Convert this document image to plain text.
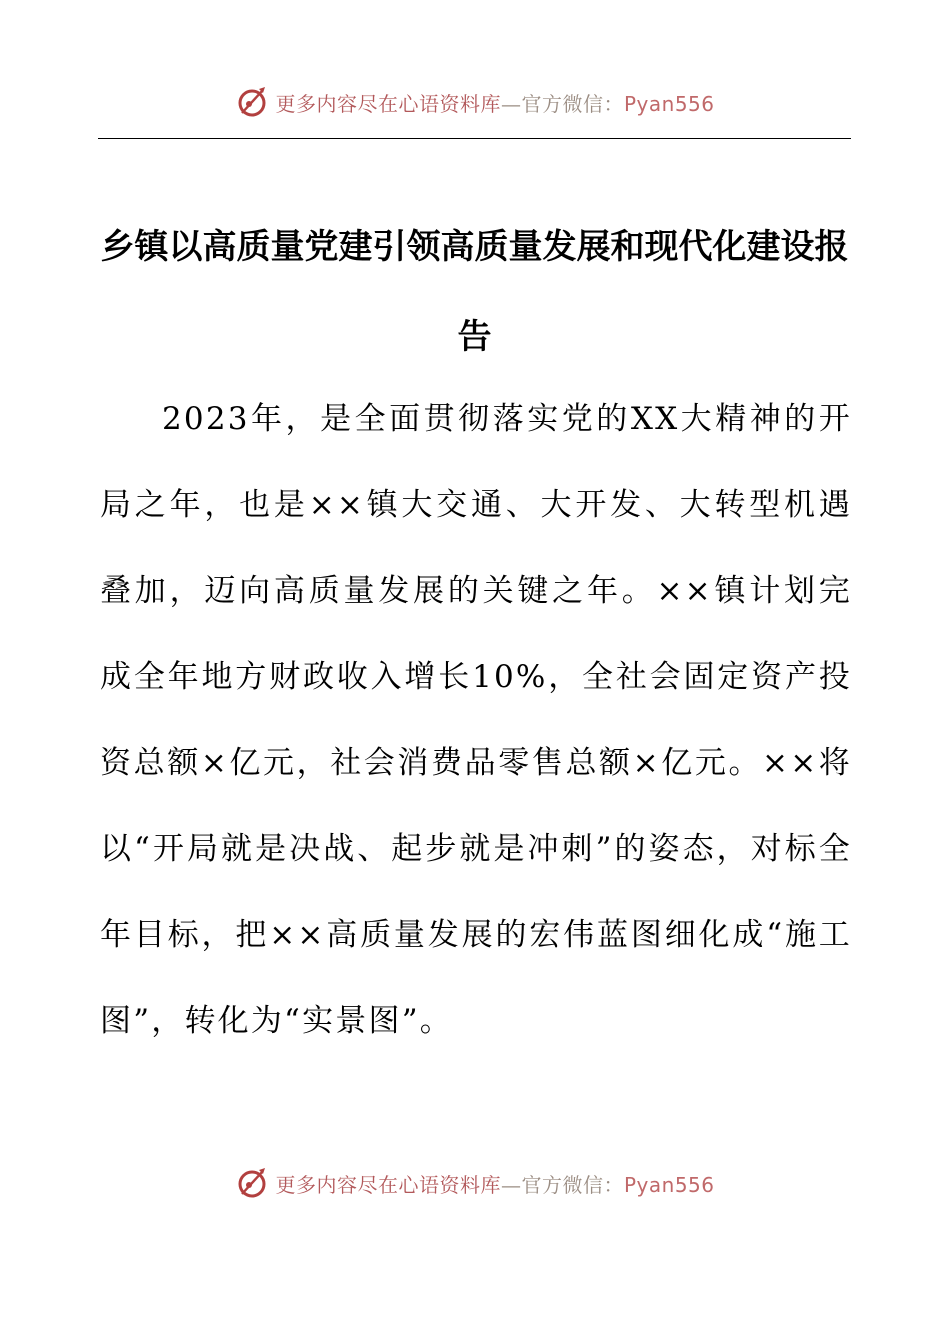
更多内容尽在心语资料库—官方微信：Pyan556
乡镇以高质量党建引领高质量发展和现代化建设报告

2023年，是全面贯彻落实党的XX大精神的开局之年，也是××镇大交通、大开发、大转型机遇叠加，迈向高质量发展的关键之年。××镇计划完成全年地方财政收入增长10%，全社会固定资产投资总额×亿元，社会消费品零售总额×亿元。××将以“开局就是决战、起步就是冲刺”的姿态，对标全年目标，把××高质量发展的宏伟蓝图细化成“施工图”，转化为“实景图”。

更多内容尽在心语资料库—官方微信：Pyan556
